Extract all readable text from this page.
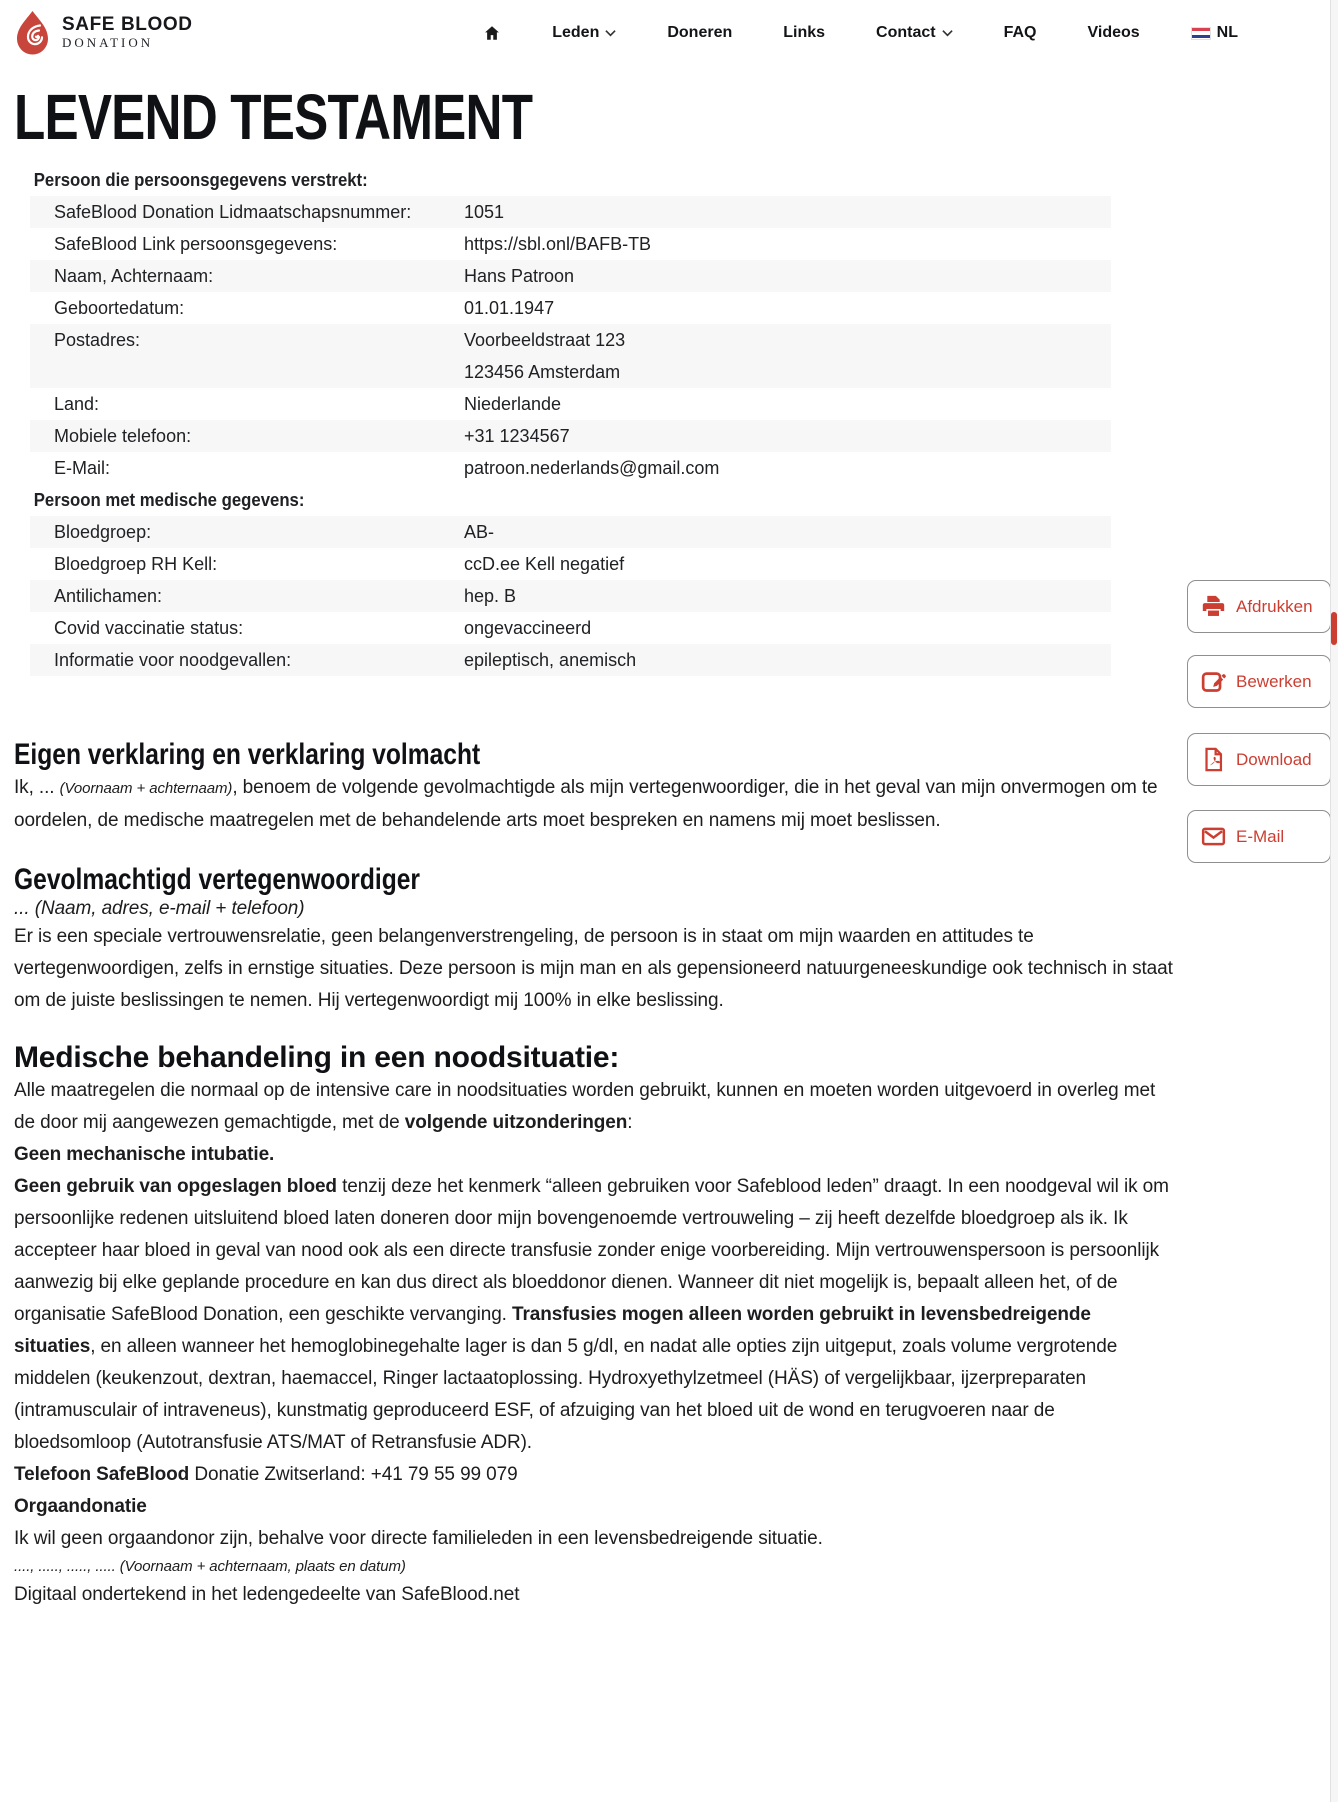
SAFE BLOOD
DONATION
Leden	Doneren	Links	Contact	FAQ	Videos	NL
LEVEND TESTAMENT
Persoon die persoonsgegevens verstrekt:
SafeBlood Donation Lidmaatschapsnummer:	1051
SafeBlood Link persoonsgegevens:	https://sbl.onl/BAFB-TB
Naam, Achternaam:	Hans Patroon
Geboortedatum:	01.01.1947
Postadres:	Voorbeeldstraat 123
123456 Amsterdam
Land:	Niederlande
Mobiele telefoon:	+31 1234567
E-Mail:	patroon.nederlands@gmail.com
Persoon met medische gegevens:
Bloedgroep:	AB-
Bloedgroep RH Kell:	ccD.ee Kell negatief
Antilichamen:	hep. B
Covid vaccinatie status:	ongevaccineerd
Informatie voor noodgevallen:	epileptisch, anemisch
Afdrukken
Bewerken
Download
E-Mail
Eigen verklaring en verklaring volmacht

Ik, ... (Voornaam + achternaam), benoem de volgende gevolmachtigde als mijn vertegenwoordiger, die in het geval van mijn onvermogen om te oordelen, de medische maatregelen met de behandelende arts moet bespreken en namens mij moet beslissen.

Gevolmachtigd vertegenwoordiger

... (Naam, adres, e-mail + telefoon)

Er is een speciale vertrouwensrelatie, geen belangenverstrengeling, de persoon is in staat om mijn waarden en attitudes te vertegenwoordigen, zelfs in ernstige situaties. Deze persoon is mijn man en als gepensioneerd natuurgeneeskundige ook technisch in staat om de juiste beslissingen te nemen. Hij vertegenwoordigt mij 100% in elke beslissing.

Medische behandeling in een noodsituatie:

Alle maatregelen die normaal op de intensive care in noodsituaties worden gebruikt, kunnen en moeten worden uitgevoerd in overleg met de door mij aangewezen gemachtigde, met de volgende uitzonderingen:

Geen mechanische intubatie.

Geen gebruik van opgeslagen bloed tenzij deze het kenmerk “alleen gebruiken voor Safeblood leden” draagt. In een noodgeval wil ik om persoonlijke redenen uitsluitend bloed laten doneren door mijn bovengenoemde vertrouweling – zij heeft dezelfde bloedgroep als ik. Ik accepteer haar bloed in geval van nood ook als een directe transfusie zonder enige voorbereiding. Mijn vertrouwenspersoon is persoonlijk aanwezig bij elke geplande procedure en kan dus direct als bloeddonor dienen. Wanneer dit niet mogelijk is, bepaalt alleen het, of de organisatie SafeBlood Donation, een geschikte vervanging. Transfusies mogen alleen worden gebruikt in levensbedreigende situaties, en alleen wanneer het hemoglobinegehalte lager is dan 5 g/dl, en nadat alle opties zijn uitgeput, zoals volume vergrotende middelen (keukenzout, dextran, haemaccel, Ringer lactaatoplossing. Hydroxyethylzetmeel (HÄS) of vergelijkbaar, ijzerpreparaten (intramusculair of intraveneus), kunstmatig geproduceerd ESF, of afzuiging van het bloed uit de wond en terugvoeren naar de bloedsomloop (Autotransfusie ATS/MAT of Retransfusie ADR).

Telefoon SafeBlood Donatie Zwitserland: +41 79 55 99 079

Orgaandonatie

Ik wil geen orgaandonor zijn, behalve voor directe familieleden in een levensbedreigende situatie.

...., ....., ....., ..... (Voornaam + achternaam, plaats en datum)

Digitaal ondertekend in het ledengedeelte van SafeBlood.net
